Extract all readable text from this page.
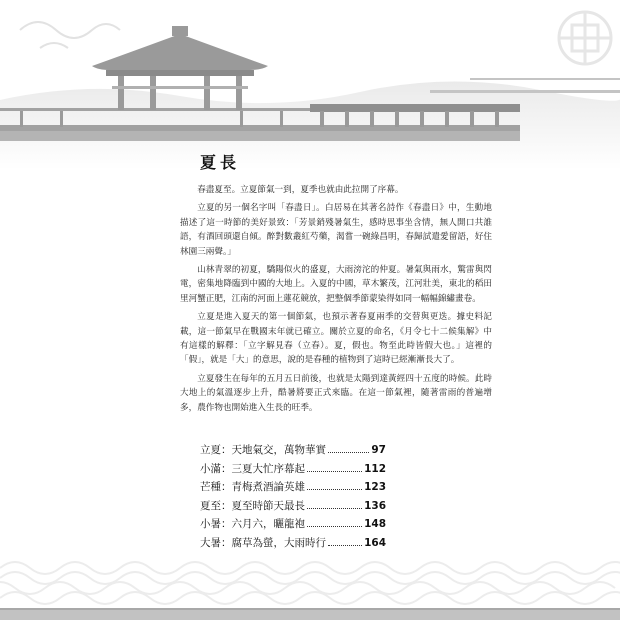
夏長

春盡夏至。立夏節氣一到，夏季也就由此拉開了序幕。

立夏的另一個名字叫「春盡日」。白居易在其著名詩作《春盡日》中，生動地描述了這一時節的美好景致：「芳景銷殘暑氣生，感時思事坐含情，無人開口共誰語，有酒回頭還自傾。醉對數叢紅芍藥，渴嘗一碗綠昌明，春歸試遣愛留語，好住林園三兩聲。」

山林青翠的初夏，驕陽似火的盛夏，大雨滂沱的仲夏。暑氣與雨水，驚雷與閃電，密集地降臨到中國的大地上。入夏的中國，草木繁茂，江河壯美，東北的稻田里河蟹正肥，江南的河面上蓮花競放，把整個季節蒙染得如同一幅幅錦繡畫卷。

立夏是進入夏天的第一個節氣，也預示著春夏兩季的交替與更迭。據史料記載，這一節氣早在戰國末年就已確立。關於立夏的命名，《月令七十二候集解》中有這樣的解釋：「立字解見春（立春）。夏，假也。物至此時皆假大也。」這裡的「假」，就是「大」的意思，說的是春種的植物到了這時已經漸漸長大了。

立夏發生在每年的五月五日前後，也就是太陽到達黃經四十五度的時候。此時大地上的氣溫逐步上升，酷暑將要正式來臨。在這一節氣裡，隨著雷雨的普遍增多，農作物也開始進入生長的旺季。

立夏 ： 天地氣交，萬物華實	97
小滿 ： 三夏大忙序幕起	112
芒種 ： 青梅煮酒論英雄	123
夏至 ： 夏至時節天最長	136
小暑 ： 六月六，曬龍袍	148
大暑 ： 腐草為螢，大雨時行	164
